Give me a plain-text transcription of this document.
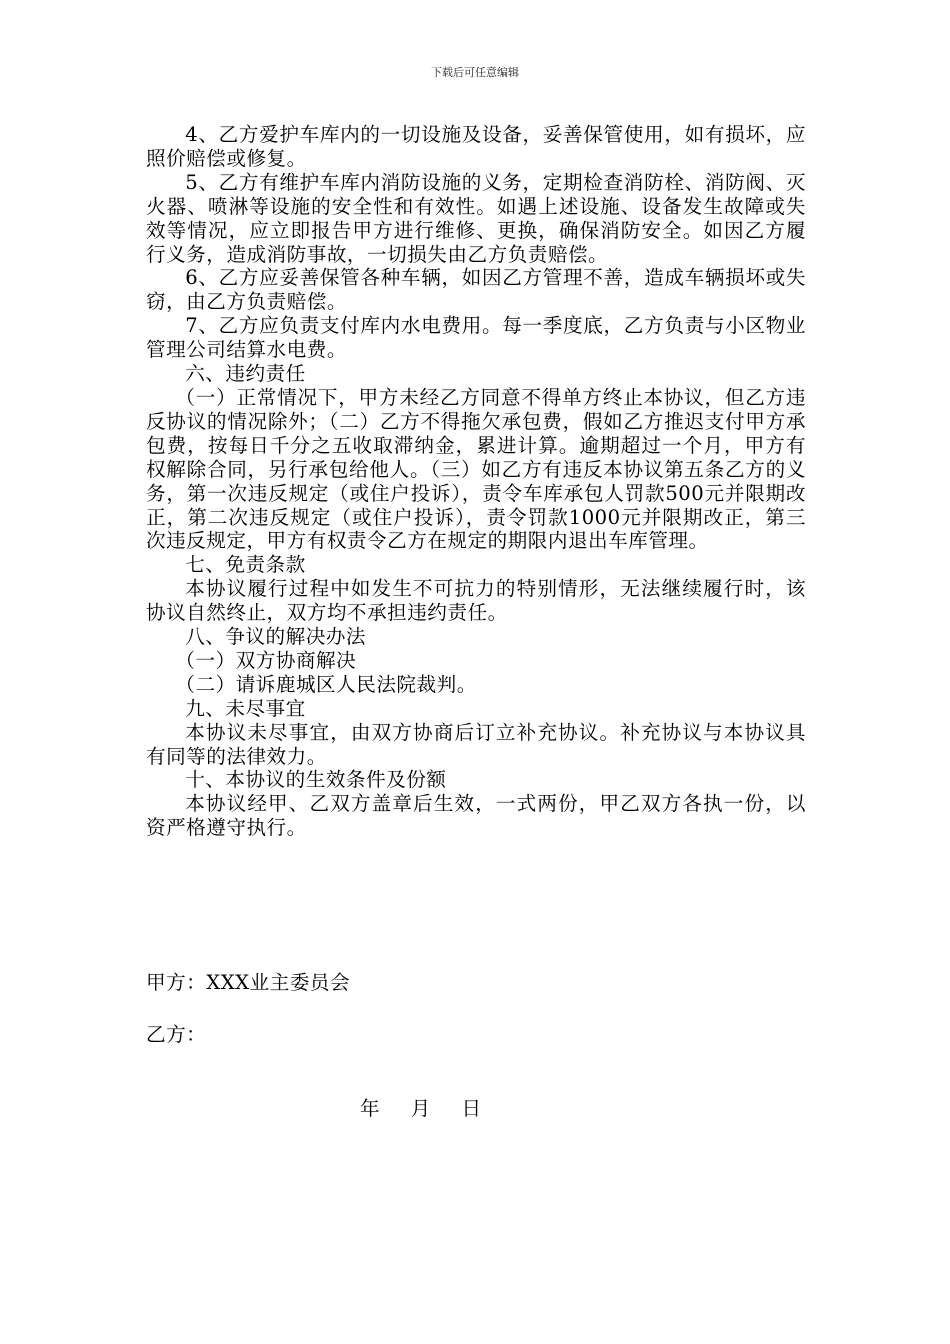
下载后可任意编辑

4、乙方爱护车库内的一切设施及设备，妥善保管使用，如有损坏，应照价赔偿或修复。

5、乙方有维护车库内消防设施的义务，定期检查消防栓、消防阀、灭火器、喷淋等设施的安全性和有效性。如遇上述设施、设备发生故障或失效等情况，应立即报告甲方进行维修、更换，确保消防安全。如因乙方履行义务，造成消防事故，一切损失由乙方负责赔偿。

6、乙方应妥善保管各种车辆，如因乙方管理不善，造成车辆损坏或失窃，由乙方负责赔偿。

7、乙方应负责支付库内水电费用。每一季度底，乙方负责与小区物业管理公司结算水电费。

六、违约责任

（一）正常情况下，甲方未经乙方同意不得单方终止本协议，但乙方违反协议的情况除外；（二）乙方不得拖欠承包费，假如乙方推迟支付甲方承包费，按每日千分之五收取滞纳金，累进计算。逾期超过一个月，甲方有权解除合同，另行承包给他人。（三）如乙方有违反本协议第五条乙方的义务，第一次违反规定（或住户投诉），责令车库承包人罚款500元并限期改正，第二次违反规定（或住户投诉），责令罚款1000元并限期改正，第三次违反规定，甲方有权责令乙方在规定的期限内退出车库管理。

七、免责条款

本协议履行过程中如发生不可抗力的特别情形，无法继续履行时，该协议自然终止，双方均不承担违约责任。

八、争议的解决办法

（一）双方协商解决

（二）请诉鹿城区人民法院裁判。

九、未尽事宜

本协议未尽事宜，由双方协商后订立补充协议。补充协议与本协议具有同等的法律效力。

十、本协议的生效条件及份额

本协议经甲、乙双方盖章后生效，一式两份，甲乙双方各执一份，以资严格遵守执行。

甲方：XXX业主委员会
乙方：
年     月     日
